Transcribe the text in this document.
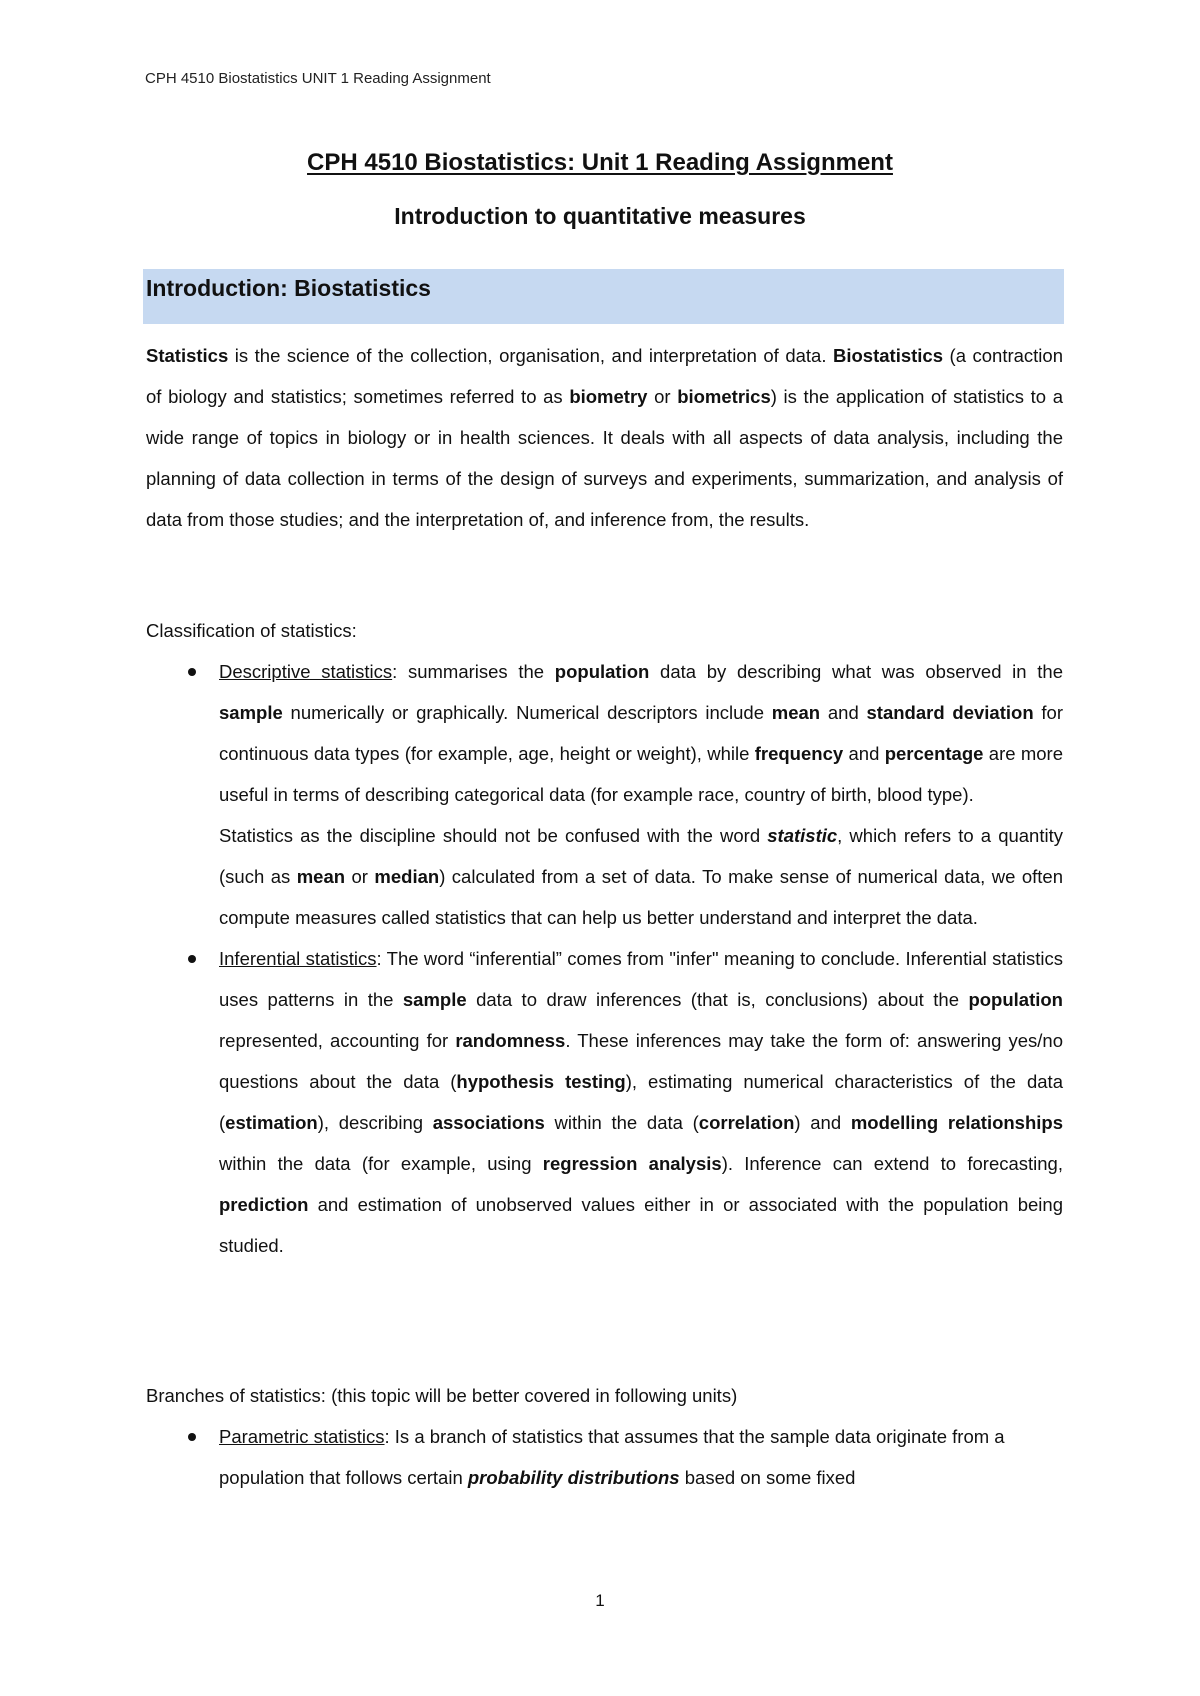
CPH 4510 Biostatistics UNIT 1 Reading Assignment
CPH 4510 Biostatistics: Unit 1 Reading Assignment
Introduction to quantitative measures
Introduction: Biostatistics

Statistics is the science of the collection, organisation, and interpretation of data. Biostatistics (a contraction of biology and statistics; sometimes referred to as biometry or biometrics) is the application of statistics to a wide range of topics in biology or in health sciences. It deals with all aspects of data analysis, including the planning of data collection in terms of the design of surveys and experiments, summarization, and analysis of data from those studies; and the interpretation of, and inference from, the results.

Classification of statistics:

Descriptive statistics: summarises the population data by describing what was observed in the sample numerically or graphically. Numerical descriptors include mean and standard deviation for continuous data types (for example, age, height or weight), while frequency and percentage are more useful in terms of describing categorical data (for example race, country of birth, blood type).

Statistics as the discipline should not be confused with the word statistic, which refers to a quantity (such as mean or median) calculated from a set of data. To make sense of numerical data, we often compute measures called statistics that can help us better understand and interpret the data.

Inferential statistics: The word “inferential” comes from "infer" meaning to conclude. Inferential statistics uses patterns in the sample data to draw inferences (that is, conclusions) about the population represented, accounting for randomness. These inferences may take the form of: answering yes/no questions about the data (hypothesis testing), estimating numerical characteristics of the data (estimation), describing associations within the data (correlation) and modelling relationships within the data (for example, using regression analysis). Inference can extend to forecasting, prediction and estimation of unobserved values either in or associated with the population being studied.

Branches of statistics: (this topic will be better covered in following units)

Parametric statistics: Is a branch of statistics that assumes that the sample data originate from a population that follows certain probability distributions based on some fixed

1
